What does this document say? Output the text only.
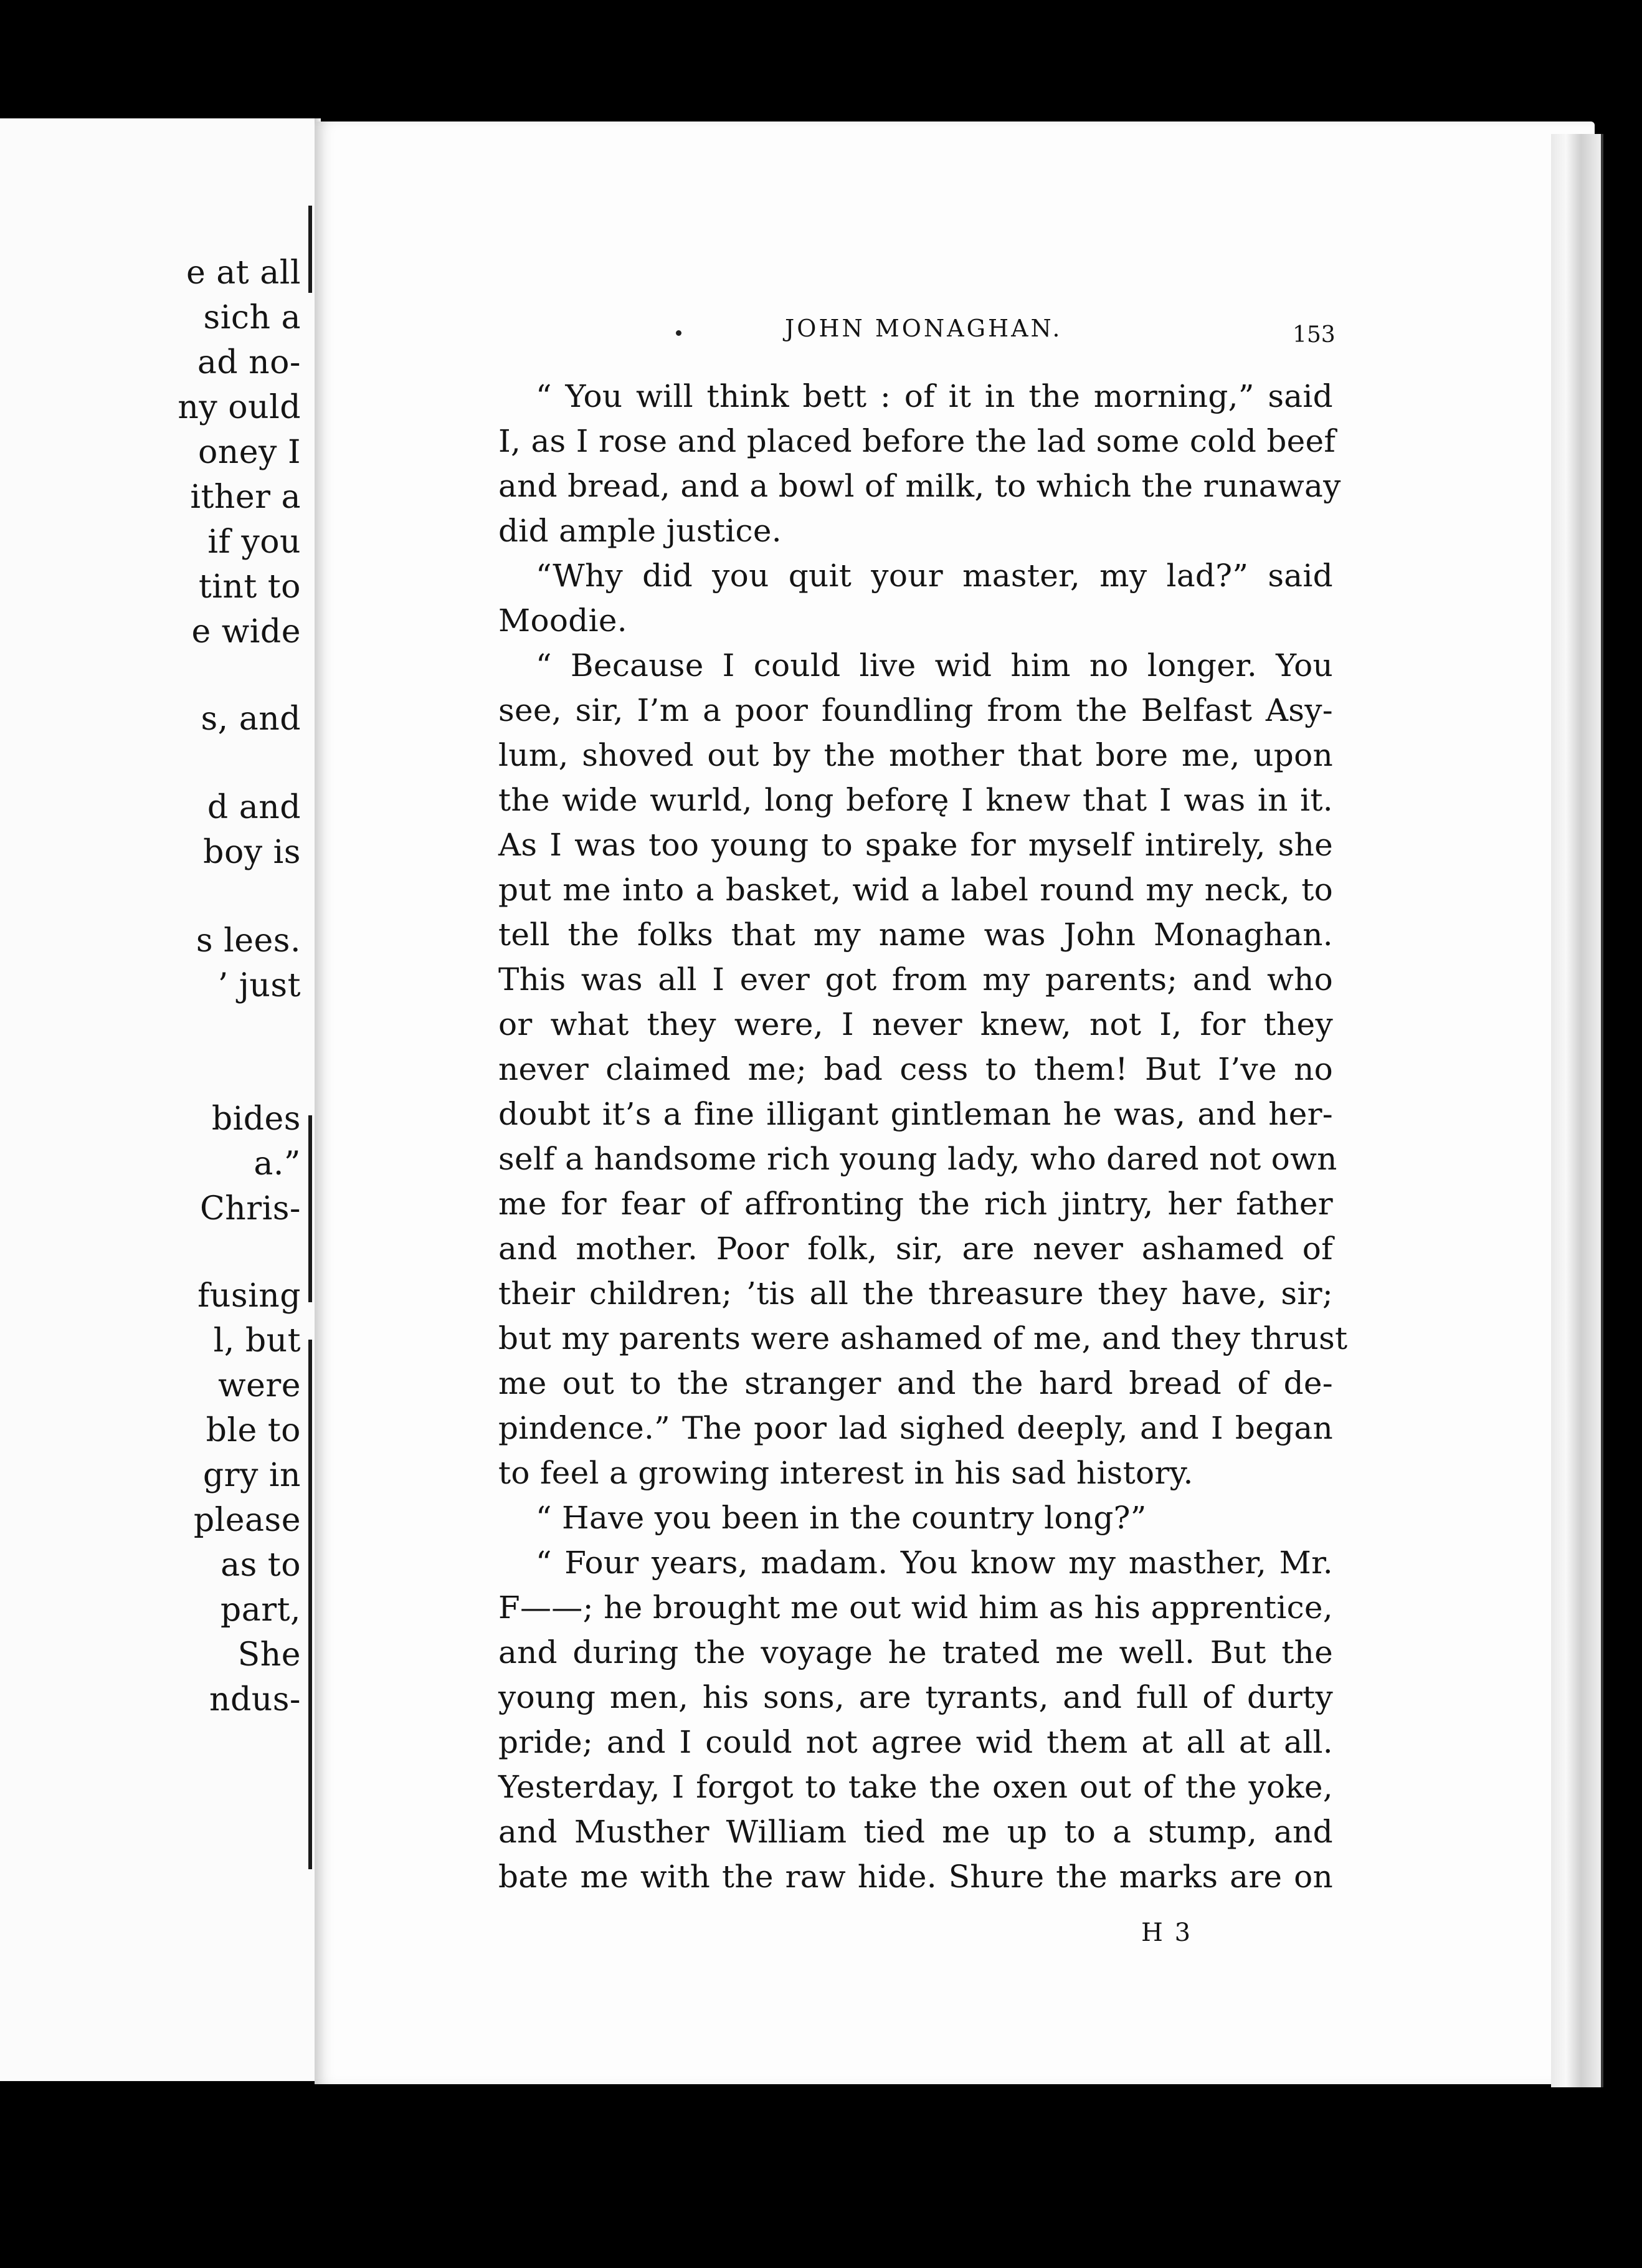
e at all
sich a
ad no-
ny ould
oney I
ither a
if you
tint to
e wide
s, and
d and
boy is
s lees.
’ just
bides
a.”
Chris-
fusing
l, but
were
ble to
gry in
please
as to
part,
She
ndus-
JOHN MONAGHAN.	153
“ You will think bett : of it in the morning,” said
I, as I rose and placed before the lad some cold beef
and bread, and a bowl of milk, to which the runaway
did ample justice.
“Why did you quit your master, my lad?” said
Moodie.
“ Because I could live wid him no longer. You
see, sir, I’m a poor foundling from the Belfast Asy-
lum, shoved out by the mother that bore me, upon
the wide wurld, long beforę I knew that I was in it.
As I was too young to spake for myself intirely, she
put me into a basket, wid a label round my neck, to
tell the folks that my name was John Monaghan.
This was all I ever got from my parents; and who
or what they were, I never knew, not I, for they
never claimed me; bad cess to them! But I’ve no
doubt it’s a fine illigant gintleman he was, and her-
self a handsome rich young lady, who dared not own
me for fear of affronting the rich jintry, her father
and mother. Poor folk, sir, are never ashamed of
their children; ’tis all the threasure they have, sir;
but my parents were ashamed of me, and they thrust
me out to the stranger and the hard bread of de-
pindence.” The poor lad sighed deeply, and I began
to feel a growing interest in his sad history.
“ Have you been in the country long?”
“ Four years, madam. You know my masther, Mr.
F——; he brought me out wid him as his apprentice,
and during the voyage he trated me well. But the
young men, his sons, are tyrants, and full of durty
pride; and I could not agree wid them at all at all.
Yesterday, I forgot to take the oxen out of the yoke,
and Musther William tied me up to a stump, and
bate me with the raw hide. Shure the marks are on
H 3
